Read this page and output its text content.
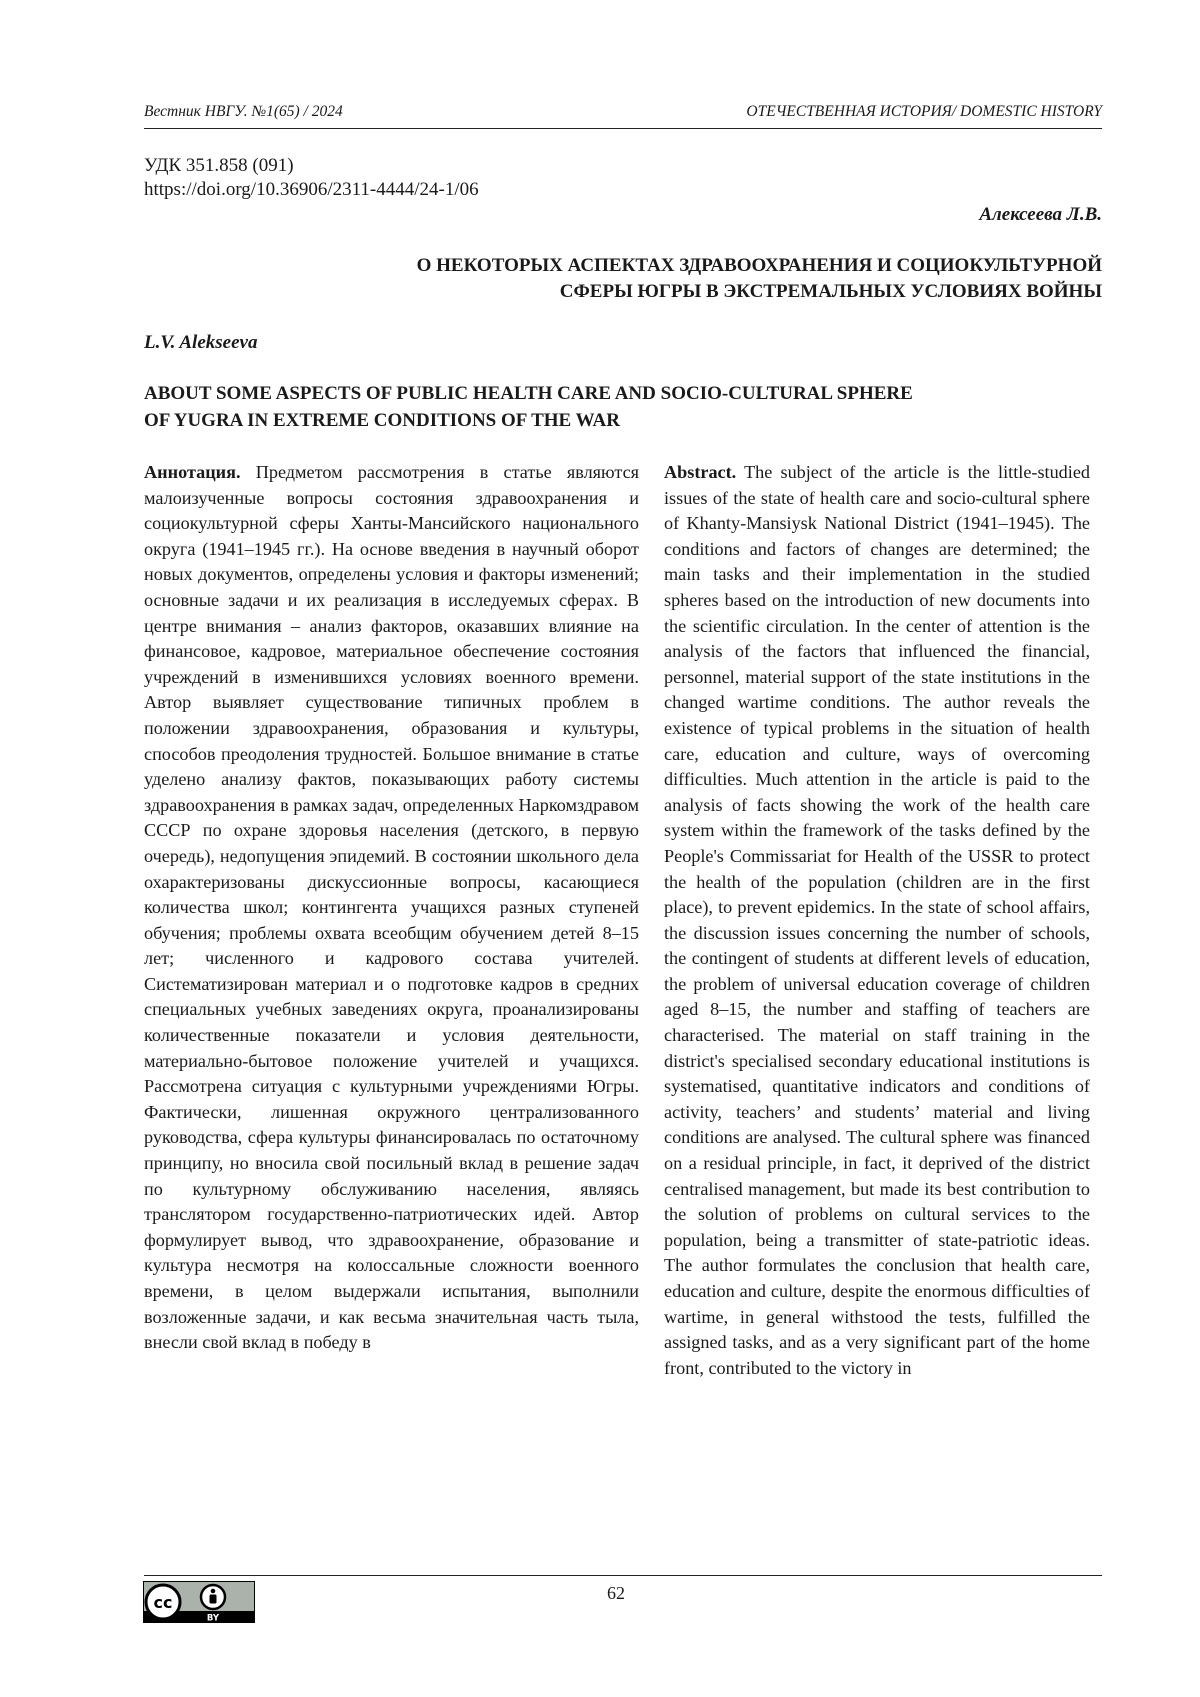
Вестник НВГУ. №1(65) / 2024	ОТЕЧЕСТВЕННАЯ ИСТОРИЯ/ DOMESTIC HISTORY
УДК 351.858 (091)
https://doi.org/10.36906/2311-4444/24-1/06
Алексеева Л.В.
О НЕКОТОРЫХ АСПЕКТАХ ЗДРАВООХРАНЕНИЯ И СОЦИОКУЛЬТУРНОЙ
СФЕРЫ ЮГРЫ В ЭКСТРЕМАЛЬНЫХ УСЛОВИЯХ ВОЙНЫ
L.V. Alekseeva
ABOUT SOME ASPECTS OF PUBLIC HEALTH CARE AND SOCIO-CULTURAL SPHERE
OF YUGRA IN EXTREME CONDITIONS OF THE WAR
Аннотация. Предметом рассмотрения в статье являются малоизученные вопросы состояния здравоохранения и социокультурной сферы Ханты-Мансийского национального округа (1941–1945 гг.). На основе введения в научный оборот новых документов, определены условия и факторы изменений; основные задачи и их реализация в исследуемых сферах. В центре внимания – анализ факторов, оказавших влияние на финансовое, кадровое, материальное обеспечение состояния учреждений в изменившихся условиях военного времени. Автор выявляет существование типичных проблем в положении здравоохранения, образования и культуры, способов преодоления трудностей. Большое внимание в статье уделено анализу фактов, показывающих работу системы здравоохранения в рамках задач, определенных Наркомздравом СССР по охране здоровья населения (детского, в первую очередь), недопущения эпидемий. В состоянии школьного дела охарактеризованы дискуссионные вопросы, касающиеся количества школ; контингента учащихся разных ступеней обучения; проблемы охвата всеобщим обучением детей 8–15 лет; численного и кадрового состава учителей. Систематизирован материал и о подготовке кадров в средних специальных учебных заведениях округа, проанализированы количественные показатели и условия деятельности, материально-бытовое положение учителей и учащихся. Рассмотрена ситуация с культурными учреждениями Югры. Фактически, лишенная окружного централизованного руководства, сфера культуры финансировалась по остаточному принципу, но вносила свой посильный вклад в решение задач по культурному обслуживанию населения, являясь транслятором государственно-патриотических идей. Автор формулирует вывод, что здравоохранение, образование и культура несмотря на колоссальные сложности военного времени, в целом выдержали испытания, выполнили возложенные задачи, и как весьма значительная часть тыла, внесли свой вклад в победу в
Abstract. The subject of the article is the little-studied issues of the state of health care and socio-cultural sphere of Khanty-Mansiysk National District (1941–1945). The conditions and factors of changes are determined; the main tasks and their implementation in the studied spheres based on the introduction of new documents into the scientific circulation. In the center of attention is the analysis of the factors that influenced the financial, personnel, material support of the state institutions in the changed wartime conditions. The author reveals the existence of typical problems in the situation of health care, education and culture, ways of overcoming difficulties. Much attention in the article is paid to the analysis of facts showing the work of the health care system within the framework of the tasks defined by the People's Commissariat for Health of the USSR to protect the health of the population (children are in the first place), to prevent epidemics. In the state of school affairs, the discussion issues concerning the number of schools, the contingent of students at different levels of education, the problem of universal education coverage of children aged 8–15, the number and staffing of teachers are characterised. The material on staff training in the district's specialised secondary educational institutions is systematised, quantitative indicators and conditions of activity, teachers’ and students’ material and living conditions are analysed. The cultural sphere was financed on a residual principle, in fact, it deprived of the district centralised management, but made its best contribution to the solution of problems on cultural services to the population, being a transmitter of state-patriotic ideas. The author formulates the conclusion that health care, education and culture, despite the enormous difficulties of wartime, in general withstood the tests, fulfilled the assigned tasks, and as a very significant part of the home front, contributed to the victory in
cc
BY
62
